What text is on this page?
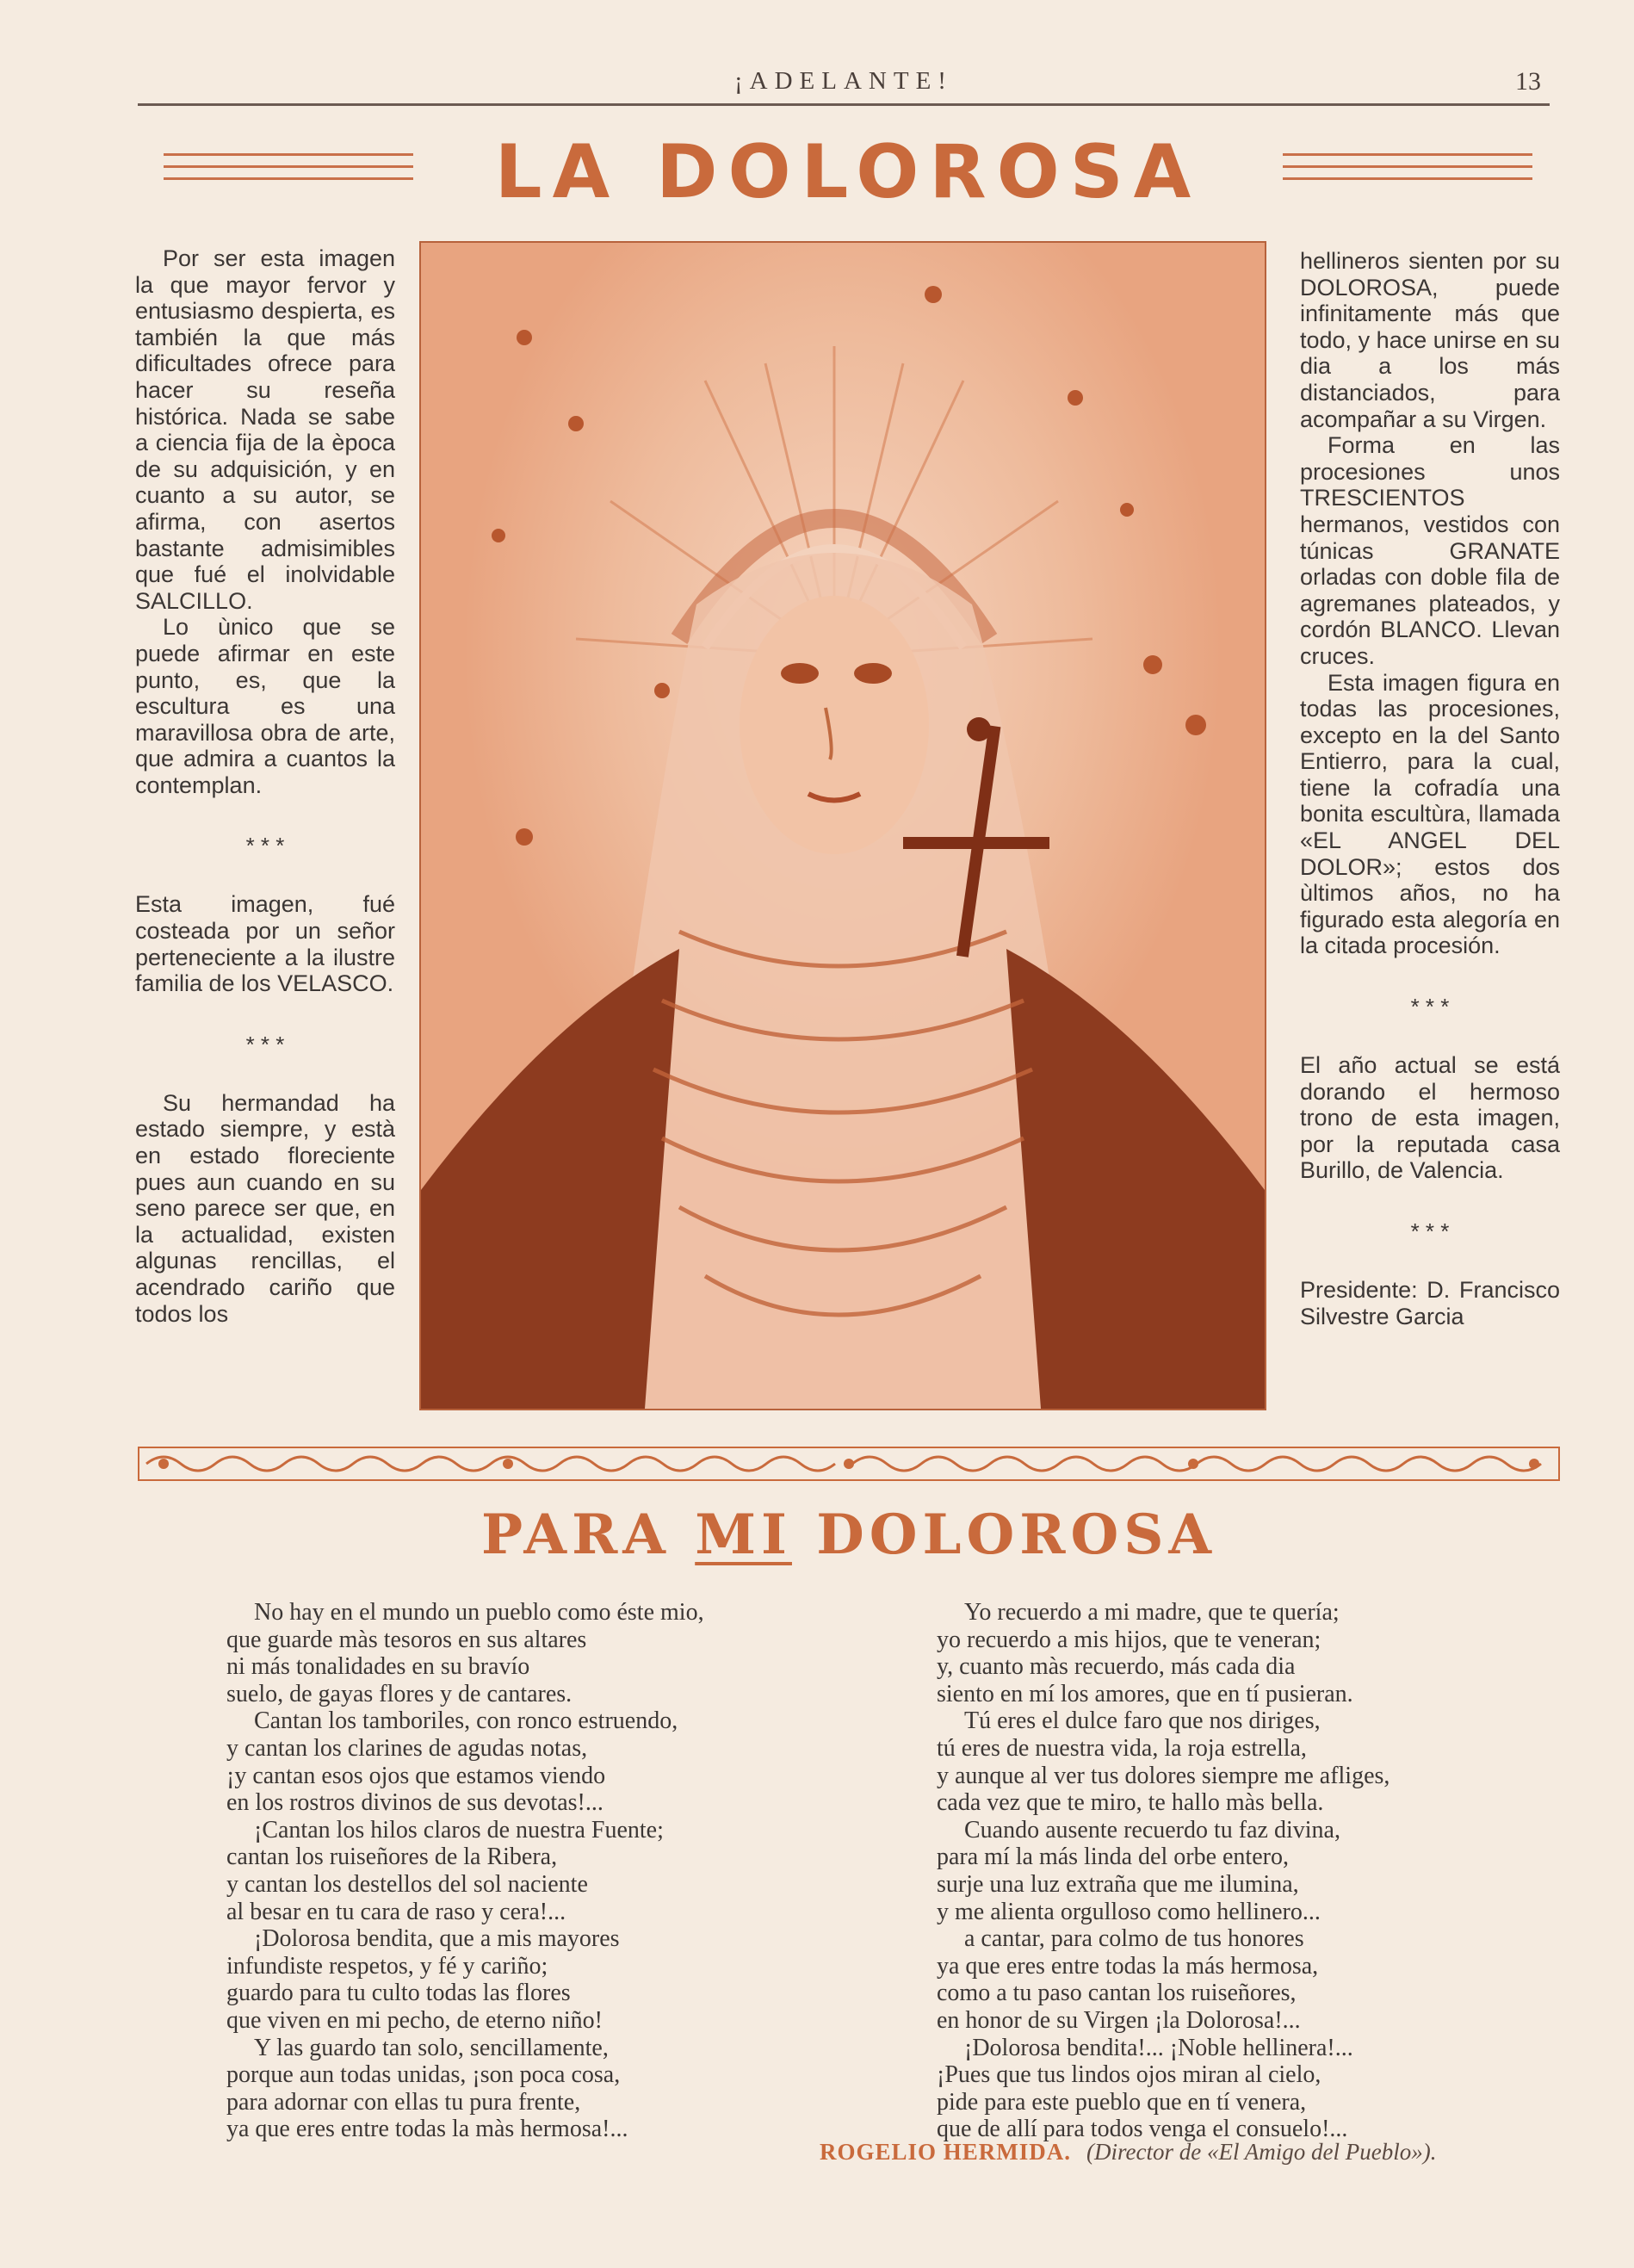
¡ADELANTE!	13
LA DOLOROSA

Por ser esta imagen la que mayor fervor y entusiasmo despierta, es también la que más dificultades ofrece para hacer su reseña histórica. Nada se sabe a ciencia fija de la època de su adquisición, y en cuanto a su autor, se afirma, con asertos bastante admisimibles que fué el inolvidable SALCILLO.

Lo ùnico que se puede afirmar en este punto, es, que la escultura es una maravillosa obra de arte, que admira a cuantos la contemplan.

* * *

Esta imagen, fué costeada por un señor perteneciente a la ilustre familia de los VELASCO.

* * *

Su hermandad ha estado siempre, y està en estado floreciente pues aun cuando en su seno parece ser que, en la actualidad, existen algunas rencillas, el acendrado cariño que todos los

hellineros sienten por su DOLOROSA, puede infinitamente más que todo, y hace unirse en su dia a los más distanciados, para acompañar a su Virgen.

Forma en las procesiones unos TRESCIENTOS hermanos, vestidos con túnicas GRANATE orladas con doble fila de agremanes plateados, y cordón BLANCO. Llevan cruces.

Esta imagen figura en todas las procesiones, excepto en la del Santo Entierro, para la cual, tiene la cofradía una bonita escultùra, llamada «EL ANGEL DEL DOLOR»; estos dos ùltimos años, no ha figurado esta alegoría en la citada procesión.

* * *

El año actual se está dorando el hermoso trono de esta imagen, por la reputada casa Burillo, de Valencia.

* * *

Presidente: D. Francisco Silvestre Garcia

PARA MI DOLOROSA
No hay en el mundo un pueblo como éste mio,
que guarde màs tesoros en sus altares
ni más tonalidades en su bravío
suelo, de gayas flores y de cantares.
Cantan los tamboriles, con ronco estruendo,
y cantan los clarines de agudas notas,
¡y cantan esos ojos que estamos viendo
en los rostros divinos de sus devotas!...
¡Cantan los hilos claros de nuestra Fuente;
cantan los ruiseñores de la Ribera,
y cantan los destellos del sol naciente
al besar en tu cara de raso y cera!...
¡Dolorosa bendita, que a mis mayores
infundiste respetos, y fé y cariño;
guardo para tu culto todas las flores
que viven en mi pecho, de eterno niño!
Y las guardo tan solo, sencillamente,
porque aun todas unidas, ¡son poca cosa,
para adornar con ellas tu pura frente,
ya que eres entre todas la màs hermosa!...
Yo recuerdo a mi madre, que te quería;
yo recuerdo a mis hijos, que te veneran;
y, cuanto màs recuerdo, más cada dia
siento en mí los amores, que en tí pusieran.
Tú eres el dulce faro que nos diriges,
tú eres de nuestra vida, la roja estrella,
y aunque al ver tus dolores siempre me afliges,
cada vez que te miro, te hallo màs bella.
Cuando ausente recuerdo tu faz divina,
para mí la más linda del orbe entero,
surje una luz extraña que me ilumina,
y me alienta orgulloso como hellinero...
a cantar, para colmo de tus honores
ya que eres entre todas la más hermosa,
como a tu paso cantan los ruiseñores,
en honor de su Virgen ¡la Dolorosa!...
¡Dolorosa bendita!... ¡Noble hellinera!...
¡Pues que tus lindos ojos miran al cielo,
pide para este pueblo que en tí venera,
que de allí para todos venga el consuelo!...
ROGELIO HERMIDA. (Director de «El Amigo del Pueblo»).
